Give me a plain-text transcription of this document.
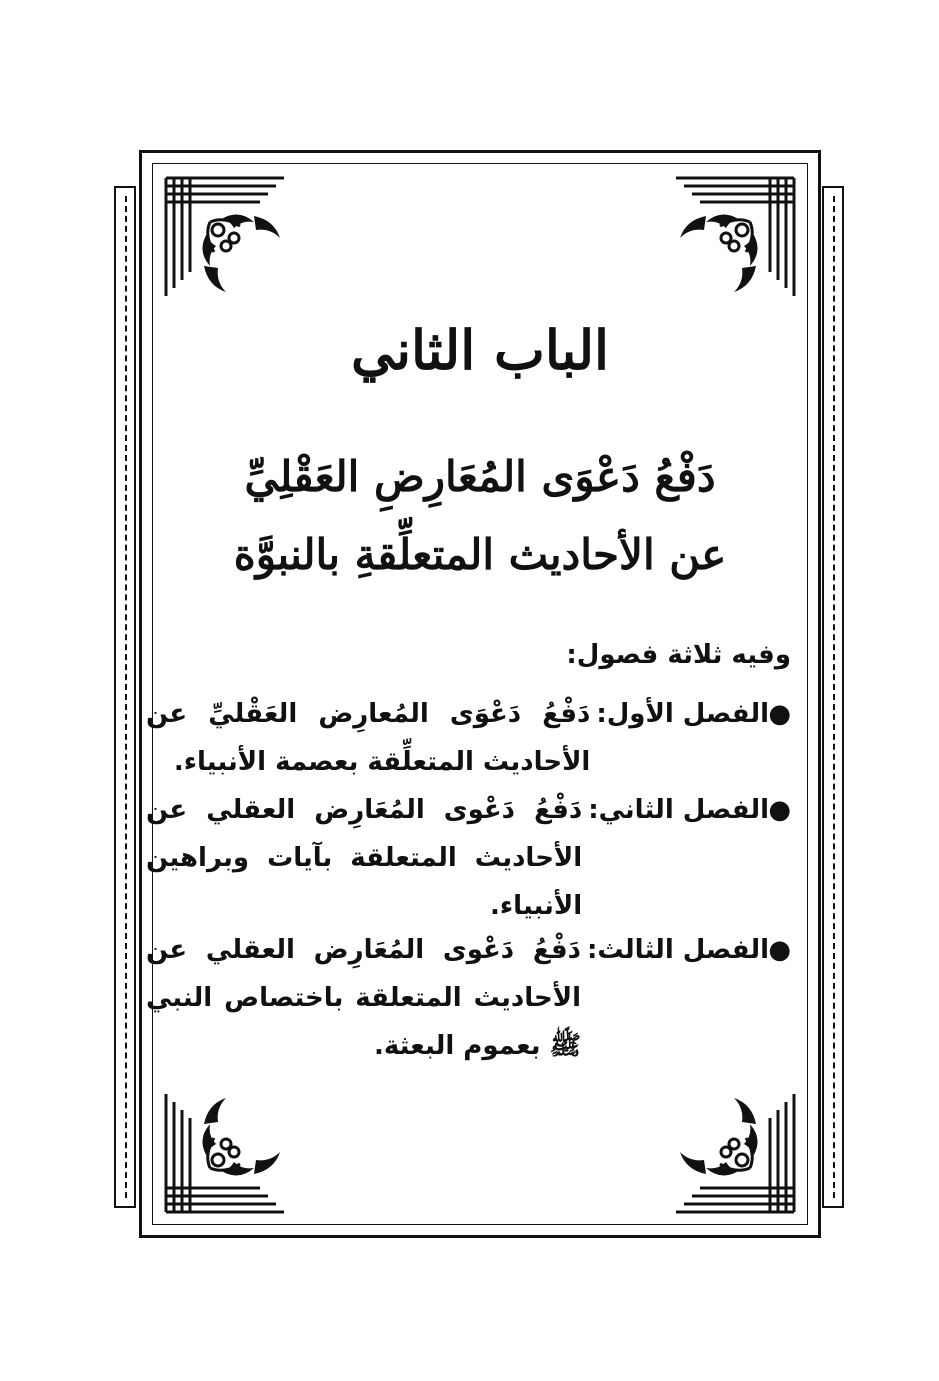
الباب الثاني
دَفْعُ دَعْوَى المُعَارِضِ العَقْلِيِّ
عن الأحاديث المتعلِّقةِ بالنبوَّة
وفيه ثلاثة فصول:
●
الفصل الأول:
دَفْعُ دَعْوَى المُعارِض العَقْليِّ عن الأحاديث المتعلِّقة بعصمة الأنبياء.
●
الفصل الثاني:
دَفْعُ دَعْوى المُعَارِض العقلي عن الأحاديث المتعلقة بآيات وبراهين الأنبياء.
●
الفصل الثالث:
دَفْعُ دَعْوى المُعَارِض العقلي عن الأحاديث المتعلقة باختصاص النبي ﷺ بعموم البعثة.
